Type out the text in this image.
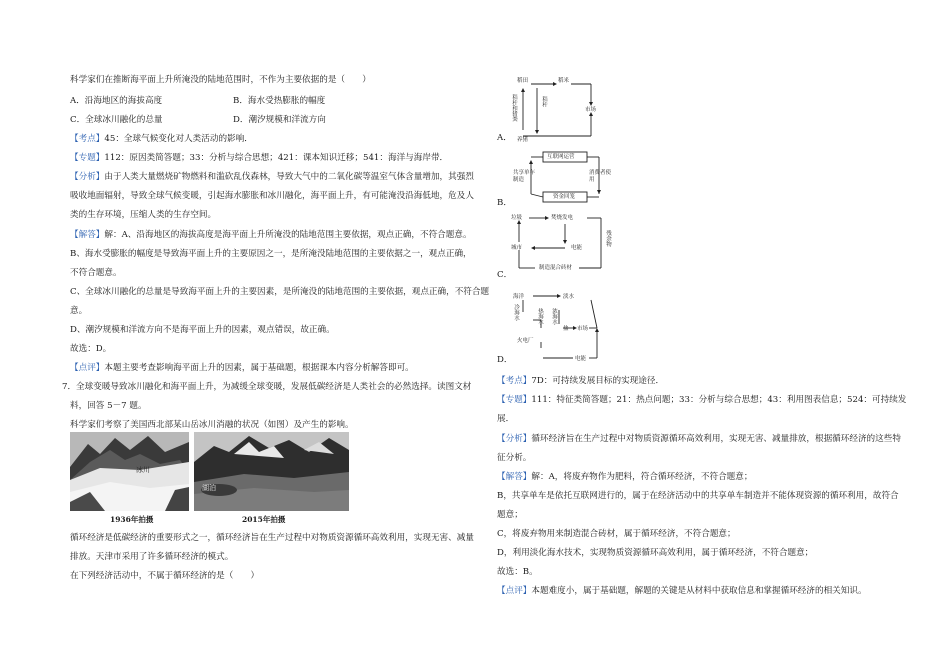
科学家们在推断海平面上升所淹没的陆地范围时，不作为主要依据的是（　　）
A．沿海地区的海拔高度	B．海水受热膨胀的幅度
C．全球冰川融化的总量	D．潮汐规模和洋流方向
【考点】45：全球气候变化对人类活动的影响．
【专题】112：原因类简答题；33：分析与综合思想；421：课本知识迁移；541：海洋与海岸带．
【分析】由于人类大量燃烧矿物燃料和滥砍乱伐森林，导致大气中的二氧化碳等温室气体含量增加，其强烈
吸收地面辐射，导致全球气候变暖，引起海水膨胀和冰川融化，海平面上升，有可能淹没沿海低地，危及人
类的生存环境，压缩人类的生存空间。
【解答】解：A、沿海地区的海拔高度是海平面上升所淹没的陆地范围主要依据，观点正确，不符合题意。
B、海水受膨胀的幅度是导致海平面上升的主要原因之一，是所淹没陆地范围的主要依据之一，观点正确，
不符合题意。
C、全球冰川融化的总量是导致海平面上升的主要因素，是所淹没的陆地范围的主要依据，观点正确，不符合题
意。
D、潮汐规模和洋流方向不是海平面上升的因素，观点错误，故正确。
故选：D。
【点评】本题主要考查影响海平面上升的因素，属于基础题，根据课本内容分析解答即可。
7．全球变暖导致冰川融化和海平面上升，为减缓全球变暖，发展低碳经济是人类社会的必然选择。读图文材
料，回答 5－7 题。
科学家们考察了美国西北部某山岳冰川消融的状况（如图）及产生的影响。
冰川
1936年拍摄
湖泊
2015年拍摄
循环经济是低碳经济的重要形式之一，循环经济旨在生产过程中对物质资源循环高效利用，实现无害、减量
排放。天津市采用了许多循环经济的模式。
在下列经济活动中，不属于循环经济的是（　　）
A．
稻田	稻米
市场
秸秆
养猪
秸秆和猪粪
B．
互联网运营
共享单车制造
消费者使用
资金回笼
C．
垃圾	焚烧发电
电能
城市
残余物
制造混合砖材
D．
海洋
冷海水	热海水
淡水
盐 市场
浓海水
火电厂
电能
【考点】7D：可持续发展目标的实现途径．
【专题】111：特征类简答题；21：热点问题；33：分析与综合思想；43：利用图表信息；524：可持续发
展．
【分析】循环经济旨在生产过程中对物质资源循环高效利用，实现无害、减量排放，根据循环经济的这些特
征分析。
【解答】解：A，将废弃物作为肥料，符合循环经济，不符合题意；
B，共享单车是依托互联网进行的，属于在经济活动中的共享单车制造并不能体现资源的循环利用，故符合
题意；
C，将废弃物用来制造混合砖材，属于循环经济，不符合题意；
D，利用淡化海水技术，实现物质资源循环高效利用，属于循环经济，不符合题意；
故选：B。
【点评】本题难度小，属于基础题，解题的关键是从材料中获取信息和掌握循环经济的相关知识。
